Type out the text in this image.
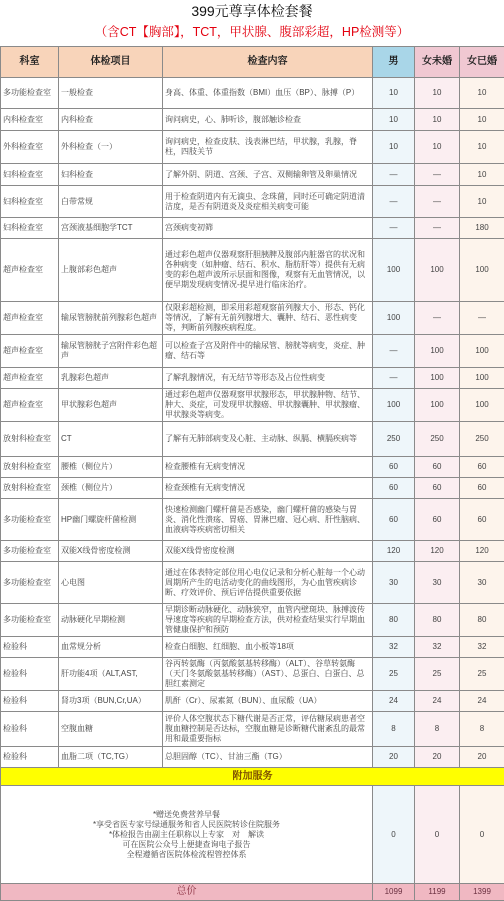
399元尊享体检套餐
（含CT【胸部】，TCT，甲状腺、腹部彩超，HP检测等）
科室	体检项目	检查内容	男	女未婚	女已婚
多功能检查室	一般检查	身高、体重、体重指数（BMI）血压（BP）、脉搏（P）	10	10	10
内科检查室	内科检查	询问病史，心、肺听诊，腹部触诊检查	10	10	10
外科检查室	外科检查（一）	询问病史，检查皮肤、浅表淋巴结，甲状腺，乳腺，脊柱，四肢关节	10	10	10
妇科检查室	妇科检查	了解外阴、阴道、宫颈、子宫、双侧输卵管及卵巢情况	—	—	10
妇科检查室	白带常规	用于检查阴道内有无滴虫、念珠菌，同时还可确定阴道清洁度，是否有阴道炎及炎症相关病变可能	—	—	10
妇科检查室	宫颈液基细胞学TCT	宫颈病变初筛	—	—	180
超声检查室	上腹部彩色超声	通过彩色超声仪器观察肝胆胰脾及腹部内脏器官的状况和各种病变（如肿瘤、结石、积水、脂肪肝等）提供有无病变的彩色超声波所示层面和图像，观察有无血管情况，以便早期发现病变情况-提早进行临床治疗。	100	100	100
超声检查室	输尿管膀胱前列腺彩色超声	仅限彩超检测，即采用彩超观察前列腺大小、形态、钙化等情况，了解有无前列腺增大、囊肿、结石、恶性病变等，判断前列腺疾病程度。	100	—	—
超声检查室	输尿管膀胱子宫附件彩色超声	可以检查子宫及附件中的输尿管、膀胱等病变，炎症、肿瘤、结石等	—	100	100
超声检查室	乳腺彩色超声	了解乳腺情况，有无结节等形态及占位性病变	—	100	100
超声检查室	甲状腺彩色超声	通过彩色超声仪器观察甲状腺形态，甲状腺肿物、结节、肿大、炎症，可发现甲状腺癌、甲状腺囊肿、甲状腺瘤、甲状腺炎等病变。	100	100	100
放射科检查室	CT	了解有无肺部病变及心脏、主动脉、纵膈、横膈疾病等	250	250	250
放射科检查室	腰椎（侧位片）	检查腰椎有无病变情况	60	60	60
放射科检查室	颈椎（侧位片）	检查颈椎有无病变情况	60	60	60
多功能检查室	HP幽门螺旋杆菌检测	快速检测幽门螺杆菌是否感染，幽门螺杆菌的感染与胃炎、消化性溃疡、胃癌、胃淋巴瘤、冠心病、肝性脑病、血液病等疾病密切相关	60	60	60
多功能检查室	双能X线骨密度检测	双能X线骨密度检测	120	120	120
多功能检查室	心电图	通过在体表特定部位用心电仪记录和分析心脏每一个心动周期所产生的电活动变化的曲线图形，为心血管疾病诊断、疗效评价、预后评估提供重要依据	30	30	30
多功能检查室	动脉硬化早期检测	早期诊断动脉硬化、动脉狭窄，血管内壁斑块、脉搏波传导速度等疾病的早期检查方法，供对检查结果实行早期血管健康保护和预防	80	80	80
检验科	血常规分析	检查白细胞、红细胞、血小板等18项	32	32	32
检验科	肝功能4项（ALT,AST,	谷丙转氨酶（丙氨酸氨基转移酶）（ALT）、谷草转氨酶（天门冬氨酸氨基转移酶）（AST）、总蛋白、白蛋白、总胆红素测定	25	25	25
检验科	肾功3项（BUN,Cr,UA）	肌酐（Cr）、尿素氮（BUN）、血尿酸（UA）	24	24	24
检验科	空腹血糖	评价人体空腹状态下糖代谢是否正常，评估糖尿病患者空腹血糖控制是否达标，空腹血糖是诊断糖代谢紊乱的最常用和最重要指标	8	8	8
检验科	血脂二项（TC,TG）	总胆固醇（TC）、甘油三酯（TG）	20	20	20
附加服务					

*赠送免费营养早餐
*享受省医专家号绿通服务和省人民医院转诊住院服务
*体检报告由副主任职称以上专家　对　解读
可在医院公众号上便捷查询电子报告
全程遵循省医院体检流程管控体系			0	0	0
总价			1099	1199	1399
